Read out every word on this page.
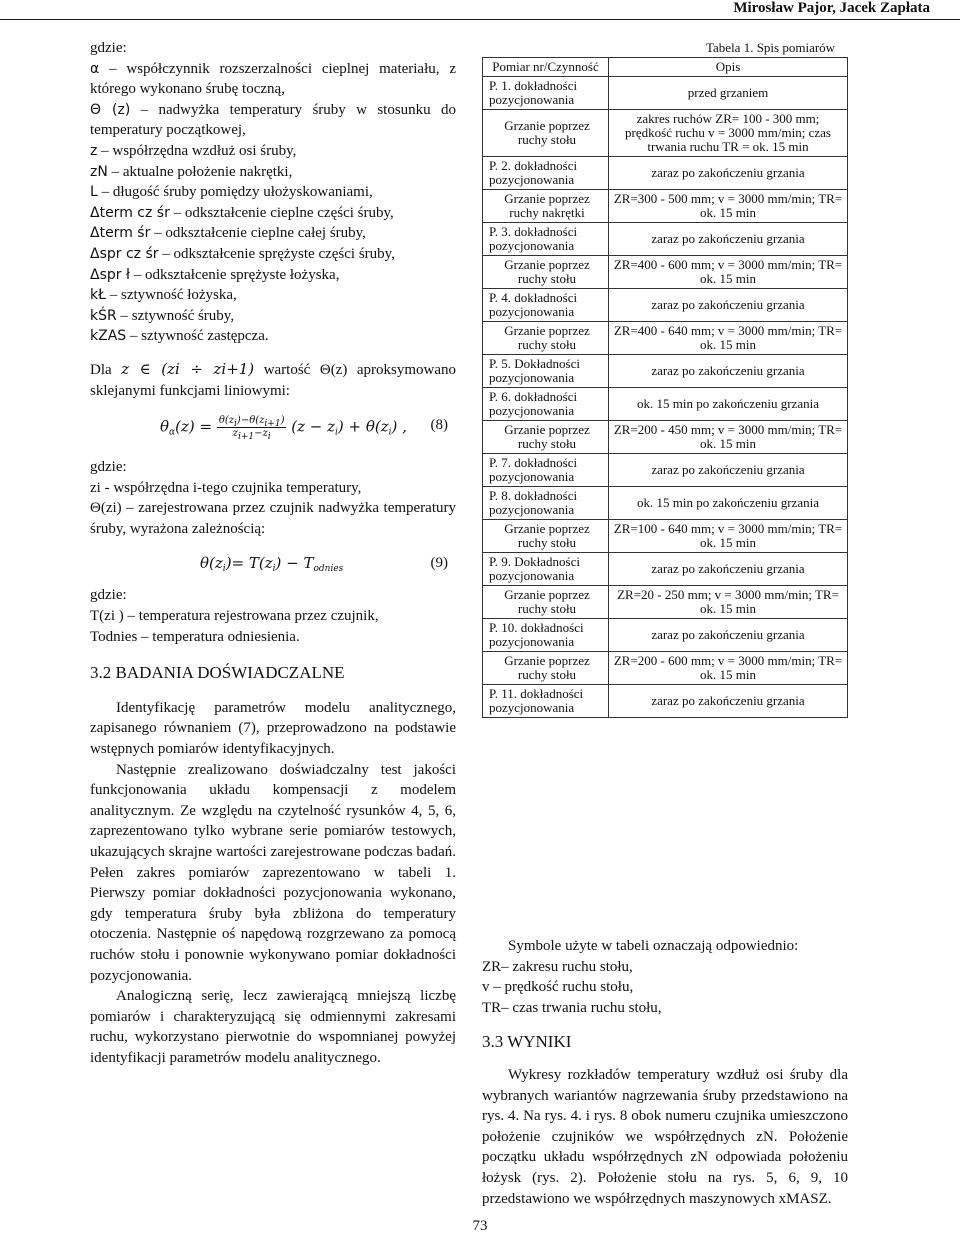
Mirosław Pajor, Jacek Zapłata

gdzie:

α – współczynnik rozszerzalności cieplnej materiału, z którego wykonano śrubę toczną,

Θ (z) – nadwyżka temperatury śruby w stosunku do temperatury początkowej,

z – współrzędna wzdłuż osi śruby,

zN – aktualne położenie nakrętki,

L – długość śruby pomiędzy ułożyskowaniami,

Δterm cz śr – odkształcenie cieplne części śruby,

Δterm śr – odkształcenie cieplne całej śruby,

Δspr cz śr – odkształcenie sprężyste części śruby,

Δspr ł – odkształcenie sprężyste łożyska,

kŁ – sztywność łożyska,

kŚR – sztywność śruby,

kZAS – sztywność zastępcza.

Dla z ∈ (zi ÷ zi+1) wartość Θ(z) aproksymowano sklejanymi funkcjami liniowymi:

$\theta_\alpha(z) = \frac{\theta(z_i)-\theta(z_{i+1})}{z_{i+1}-z_i} (z - z_i) + \theta(z_i)$ , (8)

gdzie:

zi - współrzędna i-tego czujnika temperatury,

Θ(zi) – zarejestrowana przez czujnik nadwyżka temperatury śruby, wyrażona zależnością:

$\theta(z_i)= T(z_i) - T_{odnies}$	(9)

gdzie:

T(zi ) – temperatura rejestrowana przez czujnik,

Todnies – temperatura odniesienia.

3.2 BADANIA DOŚWIADCZALNE

Identyfikację parametrów modelu analitycznego, zapisanego równaniem (7), przeprowadzono na podstawie wstępnych pomiarów identyfikacyjnych.

Następnie zrealizowano doświadczalny test jakości funkcjonowania układu kompensacji z modelem analitycznym. Ze względu na czytelność rysunków 4, 5, 6, zaprezentowano tylko wybrane serie pomiarów testowych, ukazujących skrajne wartości zarejestrowane podczas badań. Pełen zakres pomiarów zaprezentowano w tabeli 1. Pierwszy pomiar dokładności pozycjonowania wykonano, gdy temperatura śruby była zbliżona do temperatury otoczenia. Następnie oś napędową rozgrzewano za pomocą ruchów stołu i ponownie wykonywano pomiar dokładności pozycjonowania.

Analogiczną serię, lecz zawierającą mniejszą liczbę pomiarów i charakteryzującą się odmiennymi zakresami ruchu, wykorzystano pierwotnie do wspomnianej powyżej identyfikacji parametrów modelu analitycznego.

Tabela 1. Spis pomiarów
Pomiar nr/Czynność	Opis
P. 1. dokładności pozycjonowania	przed grzaniem
Grzanie poprzez ruchy stołu	zakres ruchów ZR= 100 - 300 mm; prędkość ruchu v = 3000 mm/min; czas trwania ruchu TR = ok. 15 min
P. 2. dokładności pozycjonowania	zaraz po zakończeniu grzania
Grzanie poprzez ruchy nakrętki	ZR=300 - 500 mm; v = 3000 mm/min; TR= ok. 15 min
P. 3. dokładności pozycjonowania	zaraz po zakończeniu grzania
Grzanie poprzez ruchy stołu	ZR=400 - 600 mm; v = 3000 mm/min; TR= ok. 15 min
P. 4. dokładności pozycjonowania	zaraz po zakończeniu grzania
Grzanie poprzez ruchy stołu	ZR=400 - 640 mm; v = 3000 mm/min; TR= ok. 15 min
P. 5. Dokładności pozycjonowania	zaraz po zakończeniu grzania
P. 6. dokładności pozycjonowania	ok. 15 min po zakończeniu grzania
Grzanie poprzez ruchy stołu	ZR=200 - 450 mm; v = 3000 mm/min; TR= ok. 15 min
P. 7. dokładności pozycjonowania	zaraz po zakończeniu grzania
P. 8. dokładności pozycjonowania	ok. 15 min po zakończeniu grzania
Grzanie poprzez ruchy stołu	ZR=100 - 640 mm; v = 3000 mm/min; TR= ok. 15 min
P. 9. Dokładności pozycjonowania	zaraz po zakończeniu grzania
Grzanie poprzez ruchy stołu	ZR=20 - 250 mm; v = 3000 mm/min; TR= ok. 15 min
P. 10. dokładności pozycjonowania	zaraz po zakończeniu grzania
Grzanie poprzez ruchy stołu	ZR=200 - 600 mm; v = 3000 mm/min; TR= ok. 15 min
P. 11. dokładności pozycjonowania	zaraz po zakończeniu grzania

Symbole użyte w tabeli oznaczają odpowiednio:

ZR– zakresu ruchu stołu,

v – prędkość ruchu stołu,

TR– czas trwania ruchu stołu,

3.3 WYNIKI

Wykresy rozkładów temperatury wzdłuż osi śruby dla wybranych wariantów nagrzewania śruby przedstawiono na rys. 4. Na rys. 4. i rys. 8 obok numeru czujnika umieszczono położenie czujników we współrzędnych zN. Położenie początku układu współrzędnych zN odpowiada położeniu łożysk (rys. 2). Położenie stołu na rys. 5, 6, 9, 10 przedstawiono we współrzędnych maszynowych xMASZ.

73
